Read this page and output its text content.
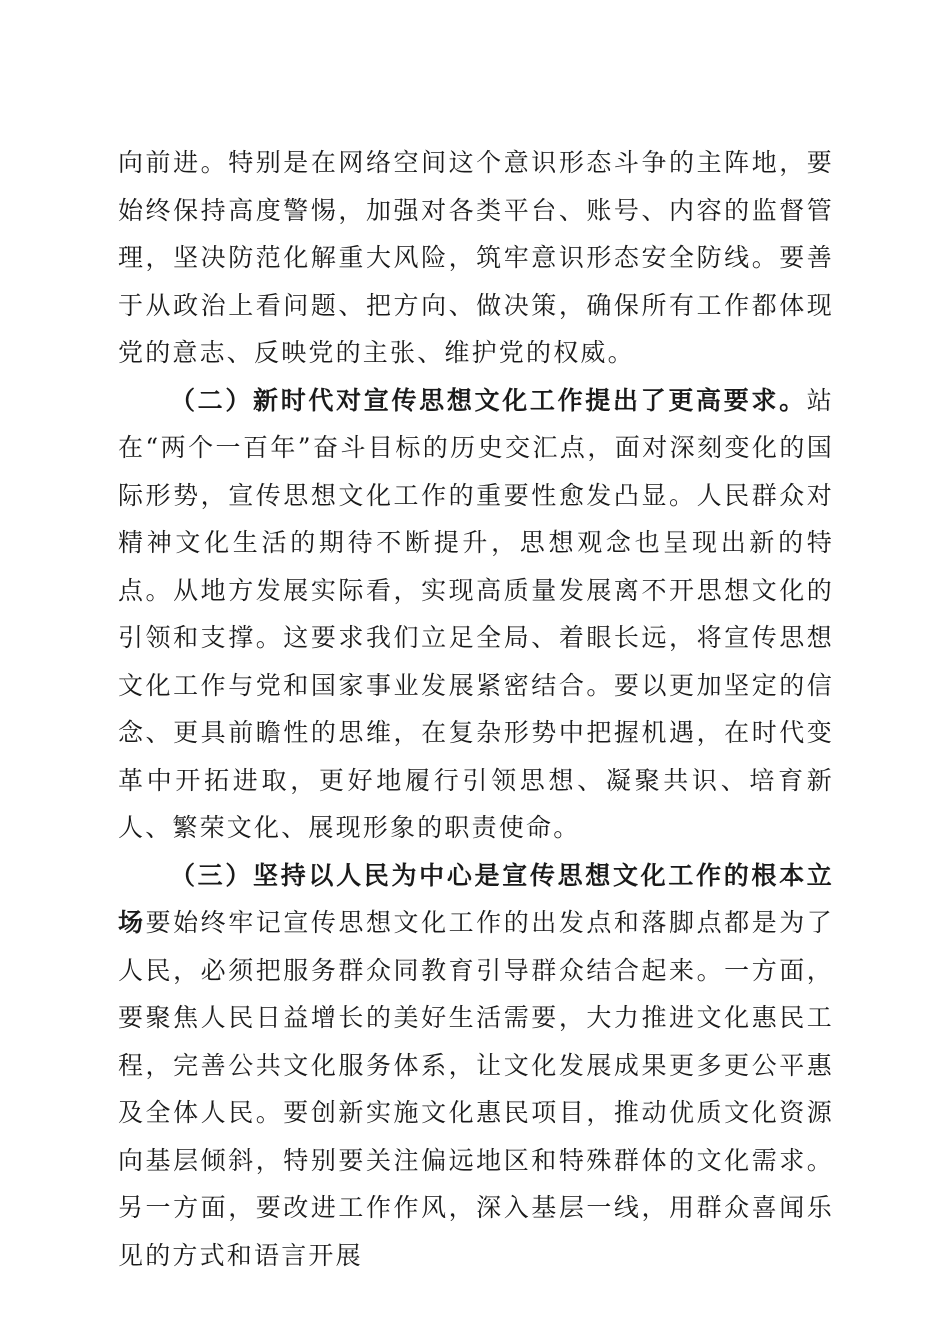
向前进。特别是在网络空间这个意识形态斗争的主阵地，要始终保持高度警惕，加强对各类平台、账号、内容的监督管理，坚决防范化解重大风险，筑牢意识形态安全防线。要善于从政治上看问题、把方向、做决策，确保所有工作都体现党的意志、反映党的主张、维护党的权威。

（二）新时代对宣传思想文化工作提出了更高要求。站在“两个一百年”奋斗目标的历史交汇点，面对深刻变化的国际形势，宣传思想文化工作的重要性愈发凸显。人民群众对精神文化生活的期待不断提升，思想观念也呈现出新的特点。从地方发展实际看，实现高质量发展离不开思想文化的引领和支撑。这要求我们立足全局、着眼长远，将宣传思想文化工作与党和国家事业发展紧密结合。要以更加坚定的信念、更具前瞻性的思维，在复杂形势中把握机遇，在时代变革中开拓进取，更好地履行引领思想、凝聚共识、培育新人、繁荣文化、展现形象的职责使命。

（三）坚持以人民为中心是宣传思想文化工作的根本立场要始终牢记宣传思想文化工作的出发点和落脚点都是为了人民，必须把服务群众同教育引导群众结合起来。一方面，要聚焦人民日益增长的美好生活需要，大力推进文化惠民工程，完善公共文化服务体系，让文化发展成果更多更公平惠及全体人民。要创新实施文化惠民项目，推动优质文化资源向基层倾斜，特别要关注偏远地区和特殊群体的文化需求。另一方面，要改进工作作风，深入基层一线，用群众喜闻乐见的方式和语言开展
